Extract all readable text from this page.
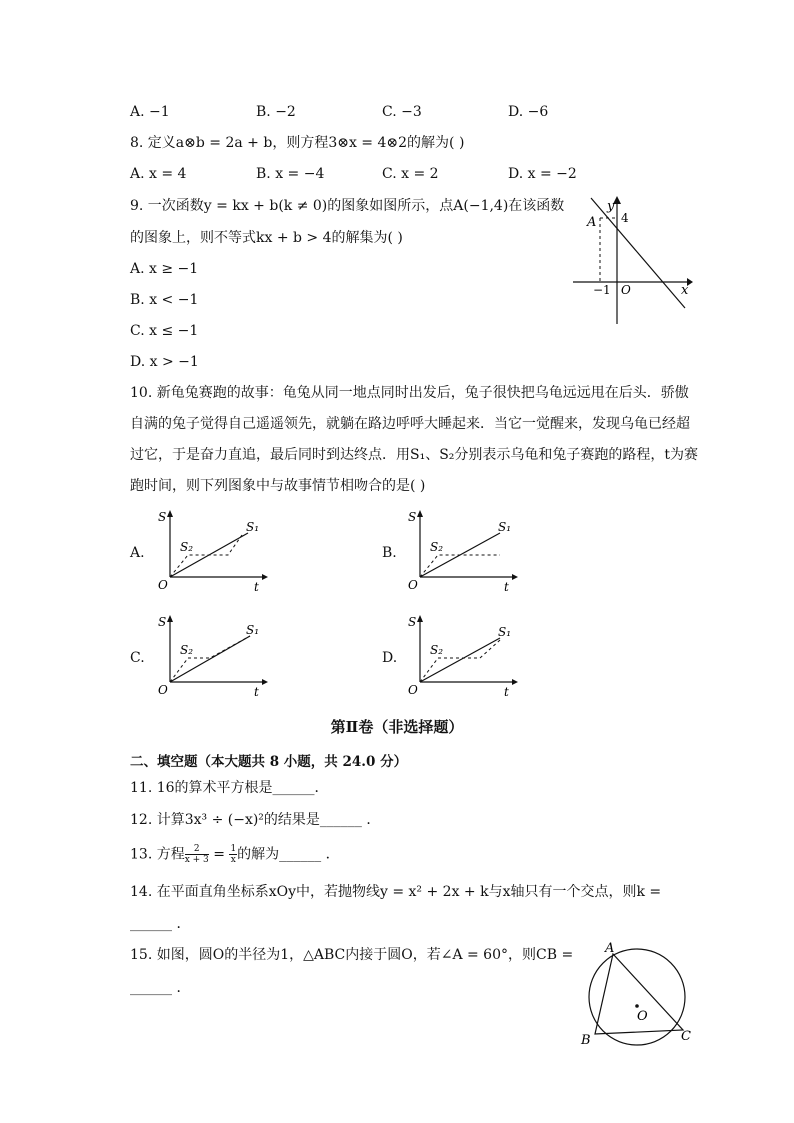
A. −1	B. −2	C. −3	D. −6
8. 定义a⊗b = 2a + b，则方程3⊗x = 4⊗2的解为( )
A. x = 4	B. x = −4	C. x = 2	D. x = −2
9. 一次函数y = kx + b(k ≠ 0)的图象如图所示，点A(−1,4)在该函数
的图象上，则不等式kx + b > 4的解集为( )
A. x ≥ −1
B. x < −1
C. x ≤ −1
D. x > −1
y
A 4
−1 O	x
10. 新龟兔赛跑的故事：龟兔从同一地点同时出发后，兔子很快把乌龟远远甩在后头．骄傲
自满的兔子觉得自己遥遥领先，就躺在路边呼呼大睡起来．当它一觉醒来，发现乌龟已经超
过它，于是奋力直追，最后同时到达终点．用S₁、S₂分别表示乌龟和兔子赛跑的路程，t为赛
跑时间，则下列图象中与故事情节相吻合的是( )
A.
S
S₁
S₂
O	t
B.
S
S₁
S₂
O	t
C.
S
S₁
S₂
O	t
D.
S
S₁
S₂
O	t
第Ⅱ卷（非选择题）
二、填空题（本大题共 8 小题，共 24.0 分）
11. 16的算术平方根是______．
12. 计算3x³ ÷ (−x)²的结果是______ ．
13. 方程 $\frac{2}{x + 3} = \frac{1}{x}$ 的解为______ ．
14. 在平面直角坐标系xOy中，若抛物线y = x² + 2x + k与x轴只有一个交点，则k =
______ ．
15. 如图，圆O的半径为1，△ABC内接于圆O，若∠A = 60°，则CB =
______ ．
A
B	C
O
